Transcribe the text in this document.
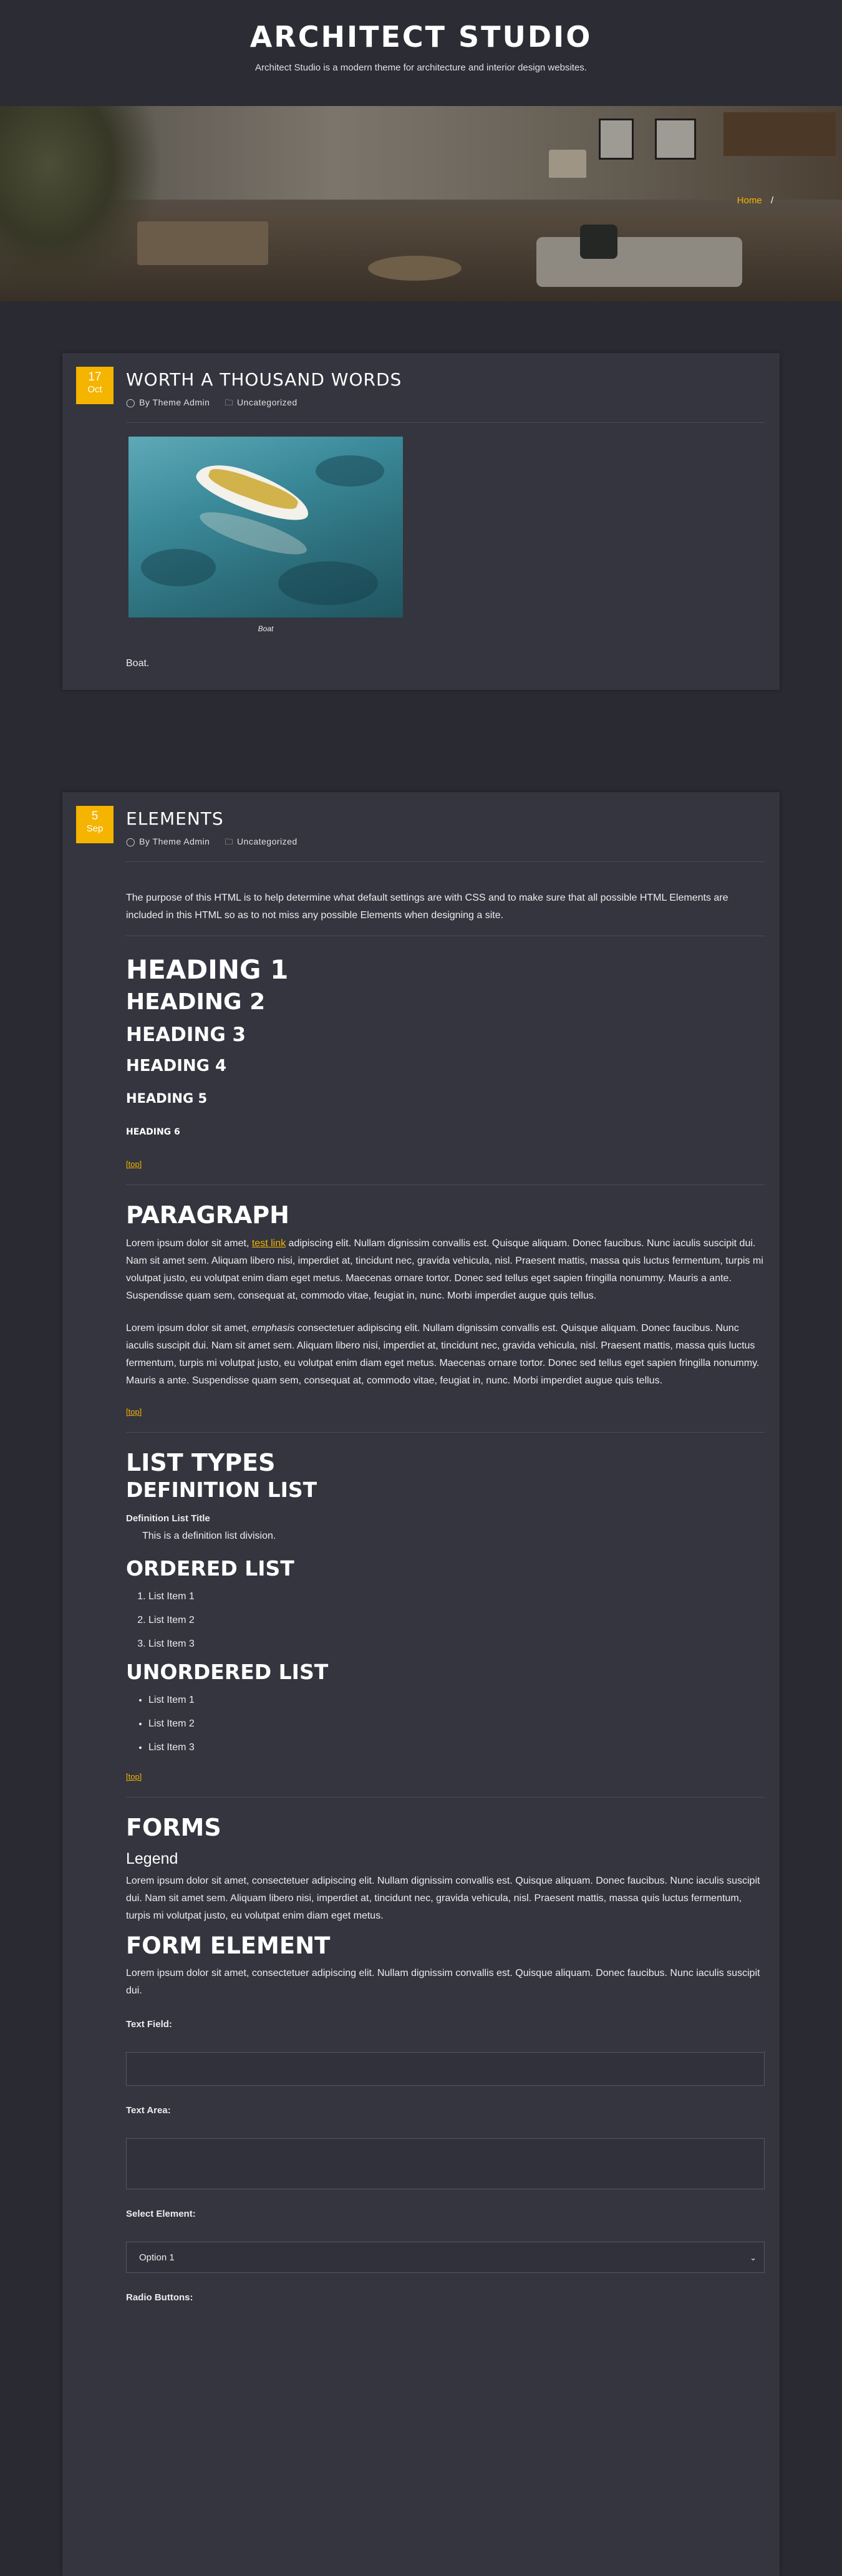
ARCHITECT STUDIO
Architect Studio is a modern theme for architecture and interior design websites.
Home /
17
Oct	WORTH A THOUSAND WORDS
◯ By Theme Admin 🗀 Uncategorized
Boat

Boat.

5
Sep	ELEMENTS
◯ By Theme Admin 🗀 Uncategorized

The purpose of this HTML is to help determine what default settings are with CSS and to make sure that all possible HTML Elements are included in this HTML so as to not miss any possible Elements when designing a site.

HEADING 1
HEADING 2
HEADING 3
HEADING 4
HEADING 5
HEADING 6
[top]
PARAGRAPH

Lorem ipsum dolor sit amet, test link adipiscing elit. Nullam dignissim convallis est. Quisque aliquam. Donec faucibus. Nunc iaculis suscipit dui. Nam sit amet sem. Aliquam libero nisi, imperdiet at, tincidunt nec, gravida vehicula, nisl. Praesent mattis, massa quis luctus fermentum, turpis mi volutpat justo, eu volutpat enim diam eget metus. Maecenas ornare tortor. Donec sed tellus eget sapien fringilla nonummy. Mauris a ante. Suspendisse quam sem, consequat at, commodo vitae, feugiat in, nunc. Morbi imperdiet augue quis tellus.

Lorem ipsum dolor sit amet, emphasis consectetuer adipiscing elit. Nullam dignissim convallis est. Quisque aliquam. Donec faucibus. Nunc iaculis suscipit dui. Nam sit amet sem. Aliquam libero nisi, imperdiet at, tincidunt nec, gravida vehicula, nisl. Praesent mattis, massa quis luctus fermentum, turpis mi volutpat justo, eu volutpat enim diam eget metus. Maecenas ornare tortor. Donec sed tellus eget sapien fringilla nonummy. Mauris a ante. Suspendisse quam sem, consequat at, commodo vitae, feugiat in, nunc. Morbi imperdiet augue quis tellus.

[top]
LIST TYPES
DEFINITION LIST
Definition List Title
This is a definition list division.
ORDERED LIST
1. List Item 1
2. List Item 2
3. List Item 3
UNORDERED LIST
• List Item 1
• List Item 2
• List Item 3
[top]
FORMS
Legend

Lorem ipsum dolor sit amet, consectetuer adipiscing elit. Nullam dignissim convallis est. Quisque aliquam. Donec faucibus. Nunc iaculis suscipit dui. Nam sit amet sem. Aliquam libero nisi, imperdiet at, tincidunt nec, gravida vehicula, nisl. Praesent mattis, massa quis luctus fermentum, turpis mi volutpat justo, eu volutpat enim diam eget metus.

FORM ELEMENT

Lorem ipsum dolor sit amet, consectetuer adipiscing elit. Nullam dignissim convallis est. Quisque aliquam. Donec faucibus. Nunc iaculis suscipit dui.

Text Field:
Text Area:
Select Element:
Option 1	⌄
Radio Buttons:
